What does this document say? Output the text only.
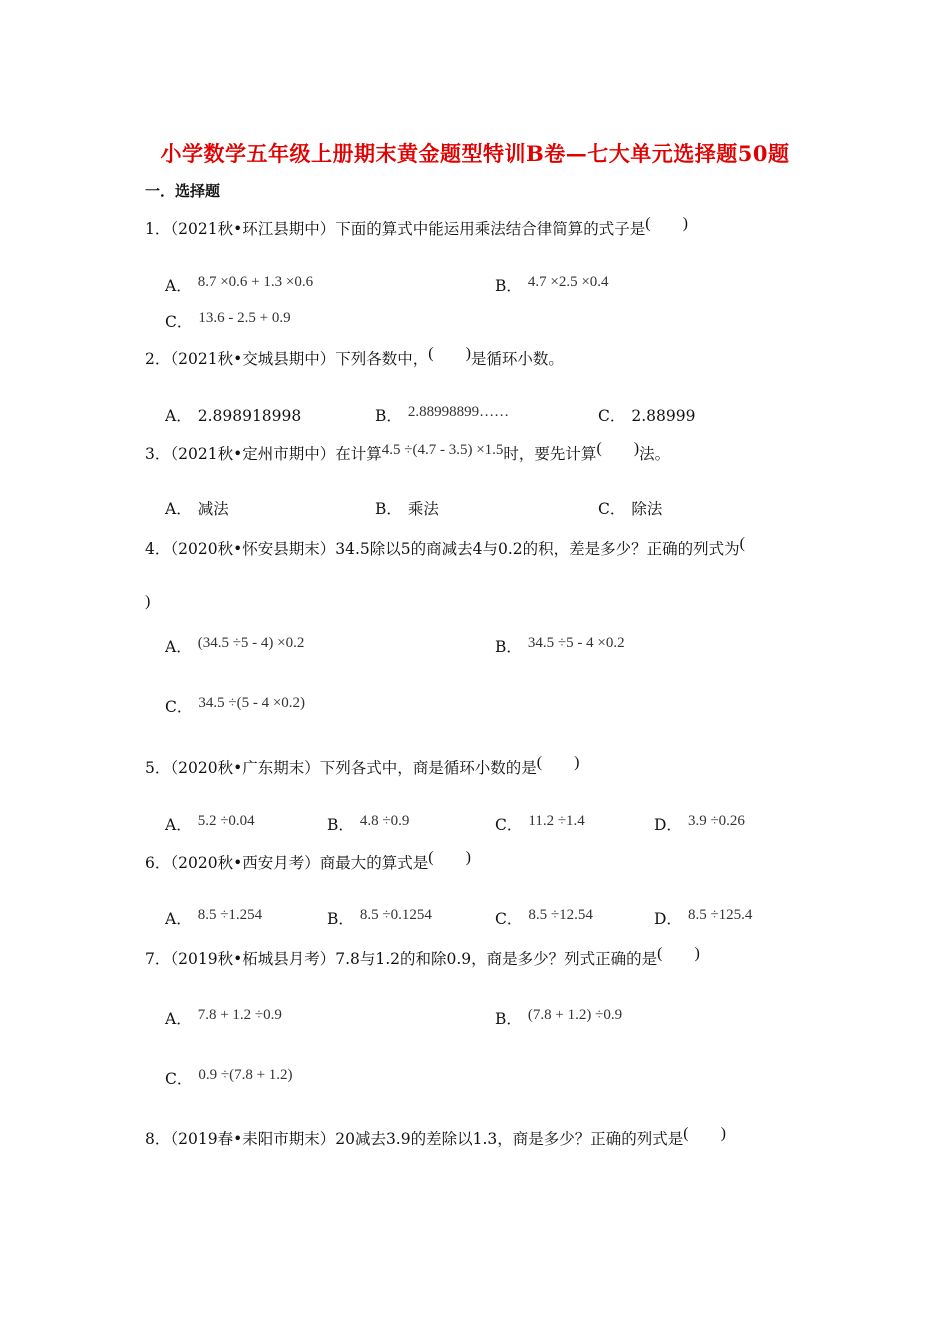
小学数学五年级上册期末黄金题型特训B卷—七大单元选择题50题
一．选择题
1．（2021秋•环江县期中）下面的算式中能运用乘法结合律简算的式子是( )
A． 8.7 ×0.6 + 1.3 ×0.6	B． 4.7 ×2.5 ×0.4
C． 13.6 - 2.5 + 0.9
2．（2021秋•交城县期中）下列各数中，( )是循环小数。
A． 2.898918998	B． 2.88998899……	C． 2.88999
3．（2021秋•定州市期中）在计算4.5 ÷(4.7 - 3.5) ×1.5时，要先计算( )法。
A． 减法	B． 乘法	C． 除法
4．（2020秋•怀安县期末）34.5除以5的商减去4与0.2的积，差是多少？正确的列式为(
)
A． (34.5 ÷5 - 4) ×0.2	B． 34.5 ÷5 - 4 ×0.2
C． 34.5 ÷(5 - 4 ×0.2)
5．（2020秋•广东期末）下列各式中，商是循环小数的是( )
A． 5.2 ÷0.04	B． 4.8 ÷0.9	C． 11.2 ÷1.4	D． 3.9 ÷0.26
6．（2020秋•西安月考）商最大的算式是( )
A． 8.5 ÷1.254	B． 8.5 ÷0.1254	C． 8.5 ÷12.54	D． 8.5 ÷125.4
7．（2019秋•柘城县月考）7.8与1.2的和除0.9，商是多少？列式正确的是( )
A． 7.8 + 1.2 ÷0.9	B． (7.8 + 1.2) ÷0.9
C． 0.9 ÷(7.8 + 1.2)
8．（2019春•耒阳市期末）20减去3.9的差除以1.3，商是多少？正确的列式是( )
